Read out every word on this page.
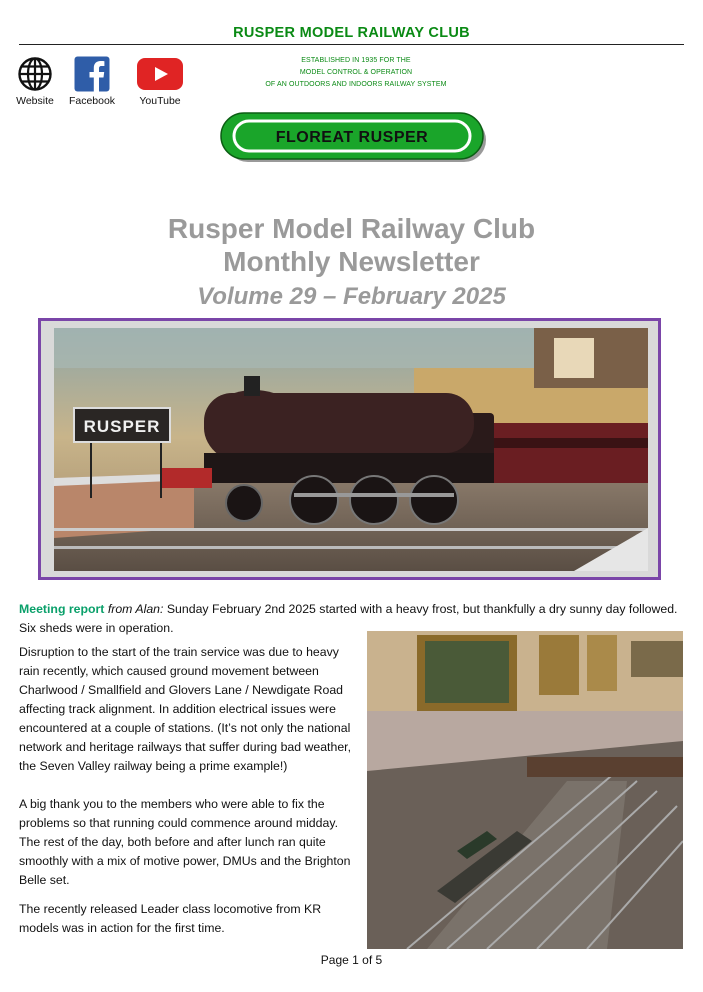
RUSPER MODEL RAILWAY CLUB
Website	Facebook	YouTube
ESTABLISHED IN 1935 FOR THE
MODEL CONTROL & OPERATION
OF AN OUTDOORS AND INDOORS RAILWAY SYSTEM
FLOREAT RUSPER
Rusper Model Railway Club
Monthly Newsletter
Volume 29 – February 2025
RUSPER
Meeting report from Alan: Sunday February 2nd 2025 started with a heavy frost, but thankfully a dry sunny day followed. Six sheds were in operation.

Disruption to the start of the train service was due to heavy rain recently, which caused ground movement between Charlwood / Smallfield and Glovers Lane / Newdigate Road affecting track alignment. In addition electrical issues were encountered at a couple of stations. (It’s not only the national network and heritage railways that suffer during bad weather, the Seven Valley railway being a prime example!)

A big thank you to the members who were able to fix the problems so that running could commence around midday. The rest of the day, both before and after lunch ran quite smoothly with a mix of motive power, DMUs and the Brighton Belle set.

The recently released Leader class locomotive from KR models was in action for the first time.

Page 1 of 5
